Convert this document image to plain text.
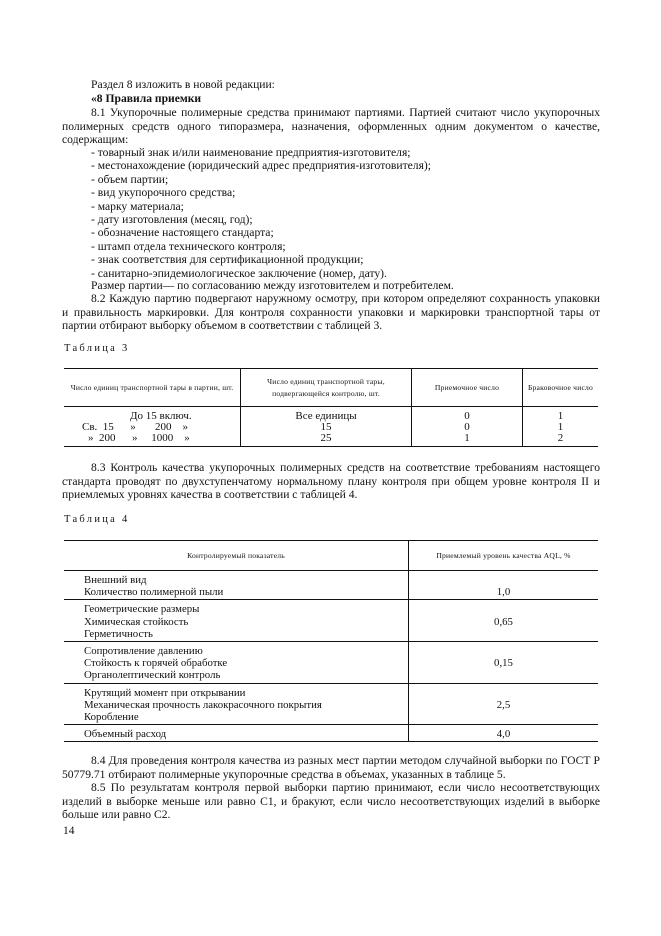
Раздел 8 изложить в новой редакции:
«8 Правила приемки

8.1 Укупорочные полимерные средства принимают партиями. Партией считают число укупорочных полимерных средств одного типоразмера, назначения, оформленных одним документом о качестве, содержащим:

- товарный знак и/или наименование предприятия-изготовителя;
- местонахождение (юридический адрес предприятия-изготовителя);
- объем партии;
- вид укупорочного средства;
- марку материала;
- дату изготовления (месяц, год);
- обозначение настоящего стандарта;
- штамп отдела технического контроля;
- знак соответствия для сертификационной продукции;
- санитарно-эпидемиологическое заключение (номер, дату).
Размер партии— по согласованию между изготовителем и потребителем.

8.2 Каждую партию подвергают наружному осмотру, при котором определяют сохранность упаковки и правильность маркировки. Для контроля сохранности упаковки и маркировки транспортной тары от партии отбирают выборку объемом в соответствии с таблицей 3.

Таблица 3
Число единиц транспортной тары в партии, шт.	Число единиц транспортной тары, подвергающейся контролю, шт.	Приемочное число	Браковочное число
До 15 включ.	Все единицы	0	1
Св.  15      »       200    »	15	0	1
»  200      »     1000    »	25	1	2

8.3 Контроль качества укупорочных полимерных средств на соответствие требованиям настоящего стандарта проводят по двухступенчатому нормальному плану контроля при общем уровне контроля II и приемлемых уровнях качества в соответствии с таблицей 4.

Таблица 4
Контролируемый показатель	Приемлемый уровень качества AQL, %

Внешний вид
Количество полимерной пыли	1,0

Геометрические размеры
Химическая стойкость
Герметичность	0,65

Сопротивление давлению
Стойкость к горячей обработке
Органолептический контроль	0,15

Крутящий момент при открывании
Механическая прочность лакокрасочного покрытия
Коробление	2,5

Объемный расход	4,0

8.4 Для проведения контроля качества из разных мест партии методом случайной выборки по ГОСТ Р 50779.71 отбирают полимерные укупорочные средства в объемах, указанных в таблице 5.

8.5 По результатам контроля первой выборки партию принимают, если число несоответствующих изделий в выборке меньше или равно С1, и бракуют, если число несоответствующих изделий в выборке больше или равно С2.

14
